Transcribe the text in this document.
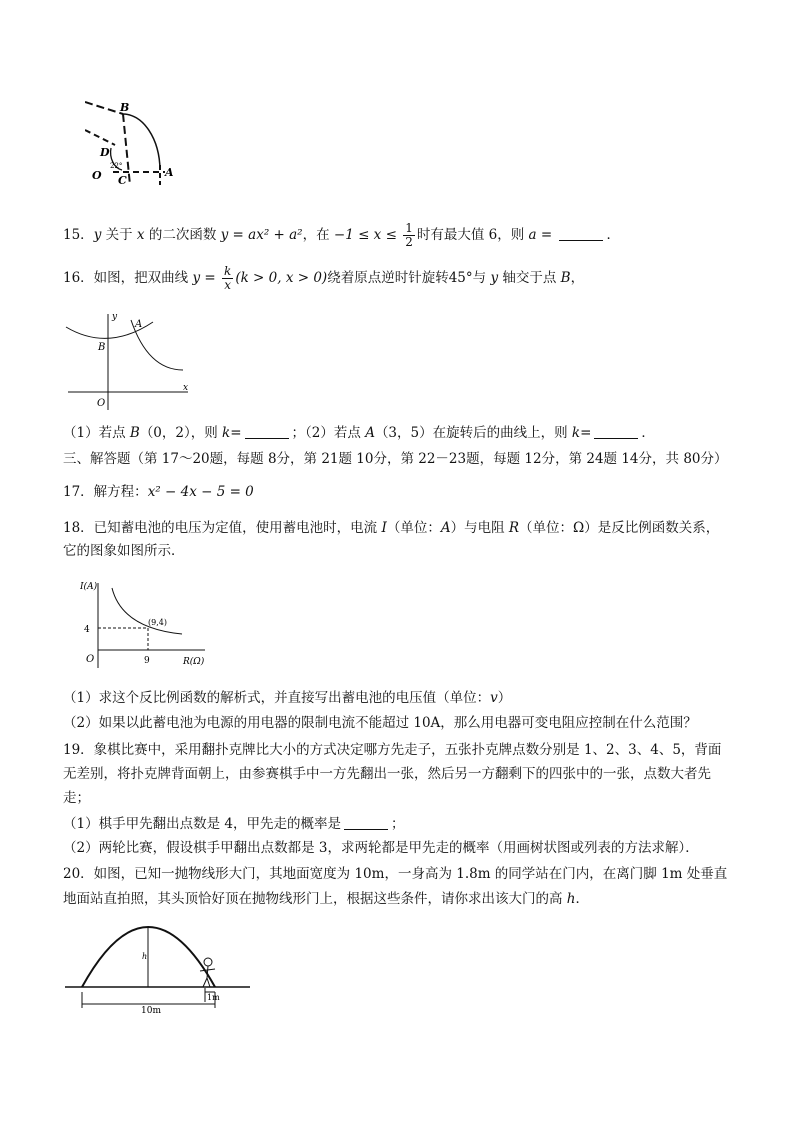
B
D
22°
O C
A
15．y 关于 x 的二次函数 y = ax² + a²，在 $-1 \le x \le \frac{1}{2}$ 时有最大值 6，则 a =	．
16．如图，把双曲线 $y = \frac{k}{x} (k > 0$, x > 0)绕着原点逆时针旋转45°与 y 轴交于点 B，
y
A
B
O
x
（1）若点 B（0，2），则 k=	；（2）若点 A（3，5）在旋转后的曲线上，则 k=	．
三、解答题（第 17～20题，每题 8分，第 21题 10分，第 22－23题，每题 12分，第 24题 14分，共 80分）
17．解方程：x² − 4x − 5 = 0
18．已知蓄电池的电压为定值，使用蓄电池时，电流 I（单位：A）与电阻 R（单位：Ω）是反比例函数关系，
它的图象如图所示．
I(A)
R(Ω)
O
4
9
(9,4)
（1）求这个反比例函数的解析式，并直接写出蓄电池的电压值（单位：v）
（2）如果以此蓄电池为电源的用电器的限制电流不能超过 10A，那么用电器可变电阻应控制在什么范围？
19．象棋比赛中，采用翻扑克牌比大小的方式决定哪方先走子，五张扑克牌点数分别是 1、2、3、4、5，背面
无差别，将扑克牌背面朝上，由参赛棋手中一方先翻出一张，然后另一方翻剩下的四张中的一张，点数大者先
走；
（1）棋手甲先翻出点数是 4，甲先走的概率是	；
（2）两轮比赛，假设棋手甲翻出点数都是 3，求两轮都是甲先走的概率（用画树状图或列表的方法求解）．
20．如图，已知一抛物线形大门，其地面宽度为 10m，一身高为 1.8m 的同学站在门内，在离门脚 1m 处垂直
地面站直拍照，其头顶恰好顶在抛物线形门上，根据这些条件，请你求出该大门的高 h．
h
10m
1m
